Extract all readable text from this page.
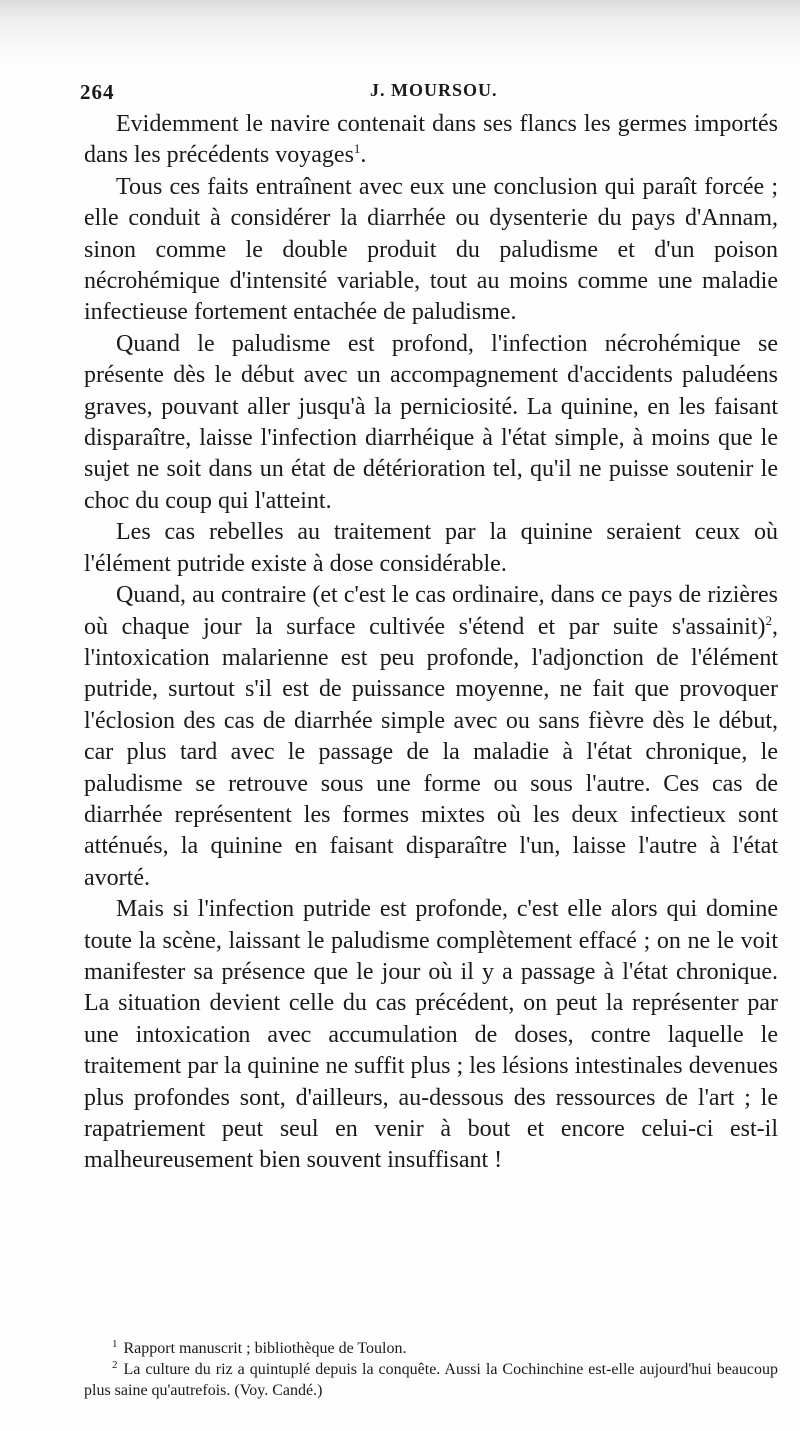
264	J. MOURSOU.

Evidemment le navire contenait dans ses flancs les germes importés dans les précédents voyages$^1$.

Tous ces faits entraînent avec eux une conclusion qui paraît forcée ; elle conduit à considérer la diarrhée ou dysenterie du pays d'Annam, sinon comme le double produit du paludisme et d'un poison nécrohémique d'intensité variable, tout au moins comme une maladie infectieuse fortement entachée de paludisme.

Quand le paludisme est profond, l'infection nécrohémique se présente dès le début avec un accompagnement d'accidents paludéens graves, pouvant aller jusqu'à la perniciosité. La quinine, en les faisant disparaître, laisse l'infection diarrhéique à l'état simple, à moins que le sujet ne soit dans un état de détérioration tel, qu'il ne puisse soutenir le choc du coup qui l'atteint.

Les cas rebelles au traitement par la quinine seraient ceux où l'élément putride existe à dose considérable.

Quand, au contraire (et c'est le cas ordinaire, dans ce pays de rizières où chaque jour la surface cultivée s'étend et par suite s'assainit)$^2$, l'intoxication malarienne est peu profonde, l'adjonction de l'élément putride, surtout s'il est de puissance moyenne, ne fait que provoquer l'éclosion des cas de diarrhée simple avec ou sans fièvre dès le début, car plus tard avec le passage de la maladie à l'état chronique, le paludisme se retrouve sous une forme ou sous l'autre. Ces cas de diarrhée représentent les formes mixtes où les deux infectieux sont atténués, la quinine en faisant disparaître l'un, laisse l'autre à l'état avorté.

Mais si l'infection putride est profonde, c'est elle alors qui domine toute la scène, laissant le paludisme complètement effacé ; on ne le voit manifester sa présence que le jour où il y a passage à l'état chronique. La situation devient celle du cas précédent, on peut la représenter par une intoxication avec accumulation de doses, contre laquelle le traitement par la quinine ne suffit plus ; les lésions intestinales devenues plus profondes sont, d'ailleurs, au-dessous des ressources de l'art ; le rapatriement peut seul en venir à bout et encore celui-ci est-il malheureusement bien souvent insuffisant !

$^1$ Rapport manuscrit ; bibliothèque de Toulon.

$^2$ La culture du riz a quintuplé depuis la conquête. Aussi la Cochinchine est-elle aujourd'hui beaucoup plus saine qu'autrefois. (Voy. Candé.)
